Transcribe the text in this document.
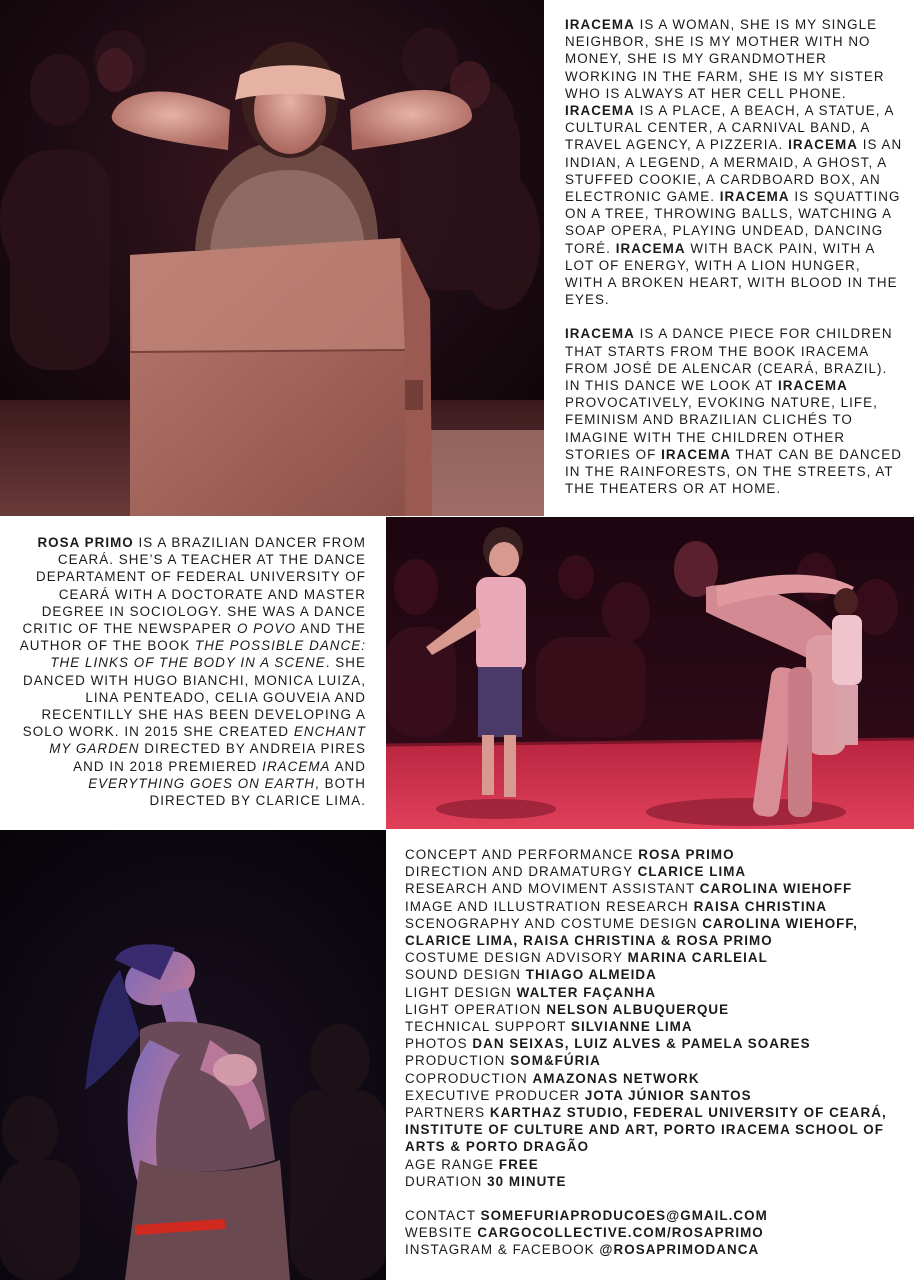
IRACEMA IS A WOMAN, SHE IS MY SINGLE NEIGHBOR, SHE IS MY MOTHER WITH NO MONEY, SHE IS MY GRANDMOTHER WORKING IN THE FARM, SHE IS MY SISTER WHO IS ALWAYS AT HER CELL PHONE. IRACEMA IS A PLACE, A BEACH, A STATUE, A CULTURAL CENTER, A CARNIVAL BAND, A TRAVEL AGENCY, A PIZZERIA. IRACEMA IS AN INDIAN, A LEGEND, A MERMAID, A GHOST, A STUFFED COOKIE, A CARDBOARD BOX, AN ELECTRONIC GAME. IRACEMA IS SQUATTING ON A TREE, THROWING BALLS, WATCHING A SOAP OPERA, PLAYING UNDEAD, DANCING TORÉ. IRACEMA WITH BACK PAIN, WITH A LOT OF ENERGY, WITH A LION HUNGER, WITH A BROKEN HEART, WITH BLOOD IN THE EYES.

IRACEMA IS A DANCE PIECE FOR CHILDREN THAT STARTS FROM THE BOOK IRACEMA FROM JOSÉ DE ALENCAR (CEARÁ, BRAZIL). IN THIS DANCE WE LOOK AT IRACEMA PROVOCATIVELY, EVOKING NATURE, LIFE, FEMINISM AND BRAZILIAN CLICHÉS TO IMAGINE WITH THE CHILDREN OTHER STORIES OF IRACEMA THAT CAN BE DANCED IN THE RAINFORESTS, ON THE STREETS, AT THE THEATERS OR AT HOME.

ROSA PRIMO IS A BRAZILIAN DANCER FROM CEARÁ. SHE’S A TEACHER AT THE DANCE DEPARTAMENT OF FEDERAL UNIVERSITY OF CEARÁ WITH A DOCTORATE AND MASTER DEGREE IN SOCIOLOGY. SHE WAS A DANCE CRITIC OF THE NEWSPAPER O POVO AND THE AUTHOR OF THE BOOK THE POSSIBLE DANCE: THE LINKS OF THE BODY IN A SCENE. SHE DANCED WITH HUGO BIANCHI, MONICA LUIZA, LINA PENTEADO, CELIA GOUVEIA AND RECENTILLY SHE HAS BEEN DEVELOPING A SOLO WORK. IN 2015 SHE CREATED ENCHANT MY GARDEN DIRECTED BY ANDREIA PIRES AND IN 2018 PREMIERED IRACEMA AND EVERYTHING GOES ON EARTH, BOTH DIRECTED BY CLARICE LIMA.

CONCEPT AND PERFORMANCE ROSA PRIMO
DIRECTION AND DRAMATURGY CLARICE LIMA
RESEARCH AND MOVIMENT ASSISTANT CAROLINA WIEHOFF
IMAGE AND ILLUSTRATION RESEARCH RAISA CHRISTINA
SCENOGRAPHY AND COSTUME DESIGN CAROLINA WIEHOFF, CLARICE LIMA, RAISA CHRISTINA & ROSA PRIMO
COSTUME DESIGN ADVISORY MARINA CARLEIAL
SOUND DESIGN THIAGO ALMEIDA
LIGHT DESIGN WALTER FAÇANHA
LIGHT OPERATION NELSON ALBUQUERQUE
TECHNICAL SUPPORT SILVIANNE LIMA
PHOTOS DAN SEIXAS, LUIZ ALVES & PAMELA SOARES
PRODUCTION SOM&FÚRIA
COPRODUCTION AMAZONAS NETWORK
EXECUTIVE PRODUCER JOTA JÚNIOR SANTOS
PARTNERS KARTHAZ STUDIO, FEDERAL UNIVERSITY OF CEARÁ, INSTITUTE OF CULTURE AND ART, PORTO IRACEMA SCHOOL OF ARTS & PORTO DRAGÃO
AGE RANGE FREE
DURATION 30 MINUTE
CONTACT SOMEFURIAPRODUCOES@GMAIL.COM
WEBSITE CARGOCOLLECTIVE.COM/ROSAPRIMO
INSTAGRAM & FACEBOOK @ROSAPRIMODANCA
